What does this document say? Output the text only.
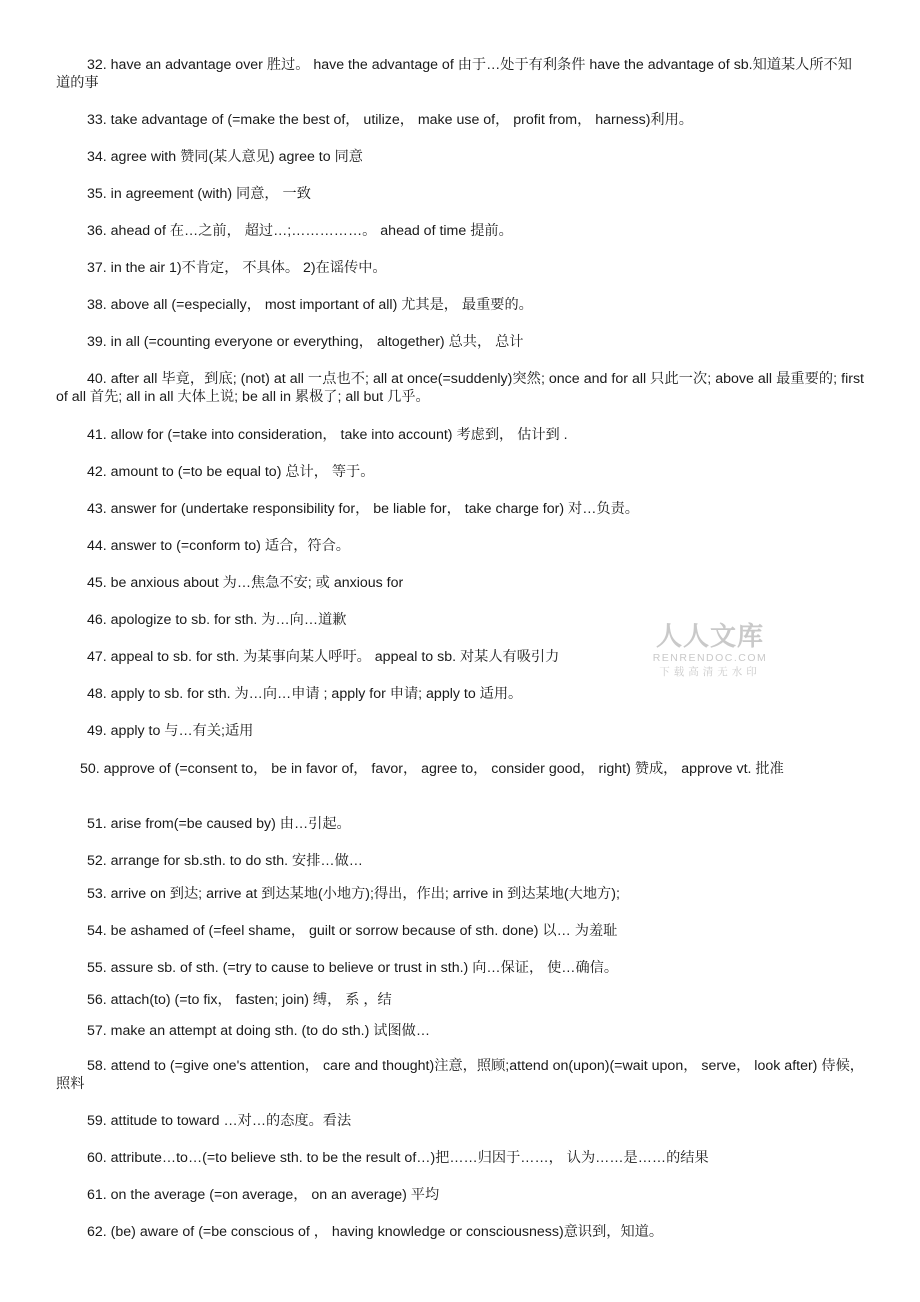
32. have an advantage over 胜过。 have the advantage of 由于…处于有利条件 have the advantage of sb.知道某人所不知道的事

33. take advantage of (=make the best of， utilize， make use of， profit from， harness)利用。

34. agree with 赞同(某人意见) agree to 同意

35. in agreement (with) 同意， 一致

36. ahead of 在…之前， 超过…;……………。 ahead of time 提前。

37. in the air 1)不肯定， 不具体。 2)在谣传中。

38. above all (=especially， most important of all) 尤其是， 最重要的。

39. in all (=counting everyone or everything， altogether) 总共， 总计

40. after all 毕竟，到底; (not) at all 一点也不; all at once(=suddenly)突然; once and for all 只此一次; above all 最重要的; first of all 首先; all in all 大体上说; be all in 累极了; all but 几乎。

41. allow for (=take into consideration， take into account) 考虑到， 估计到 .

42. amount to (=to be equal to) 总计， 等于。

43. answer for (undertake responsibility for， be liable for， take charge for) 对…负责。

44. answer to (=conform to) 适合，符合。

45. be anxious about 为…焦急不安; 或 anxious for

46. apologize to sb. for sth. 为…向…道歉

47. appeal to sb. for sth. 为某事向某人呼吁。 appeal to sb. 对某人有吸引力

48. apply to sb. for sth. 为…向…申请 ; apply for 申请; apply to 适用。

49. apply to 与…有关;适用

50. approve of (=consent to， be in favor of， favor， agree to， consider good， right) 赞成， approve vt. 批准

51. arise from(=be caused by) 由…引起。

52. arrange for sb.sth. to do sth. 安排…做…

53. arrive on 到达; arrive at 到达某地(小地方);得出，作出; arrive in 到达某地(大地方);

54. be ashamed of (=feel shame， guilt or sorrow because of sth. done) 以… 为羞耻

55. assure sb. of sth. (=try to cause to believe or trust in sth.) 向…保证， 使…确信。

56. attach(to) (=to fix， fasten; join) 缚， 系 ，结

57. make an attempt at doing sth. (to do sth.) 试图做…

58. attend to (=give one's attention， care and thought)注意，照顾;attend on(upon)(=wait upon， serve， look after) 侍候，照料

59. attitude to toward …对…的态度。看法

60. attribute…to…(=to believe sth. to be the result of…)把……归因于……， 认为……是……的结果

61. on the average (=on average， on an average) 平均

62. (be) aware of (=be conscious of ， having knowledge or consciousness)意识到，知道。

人人文库
RENRENDOC.COM
下载高清无水印
